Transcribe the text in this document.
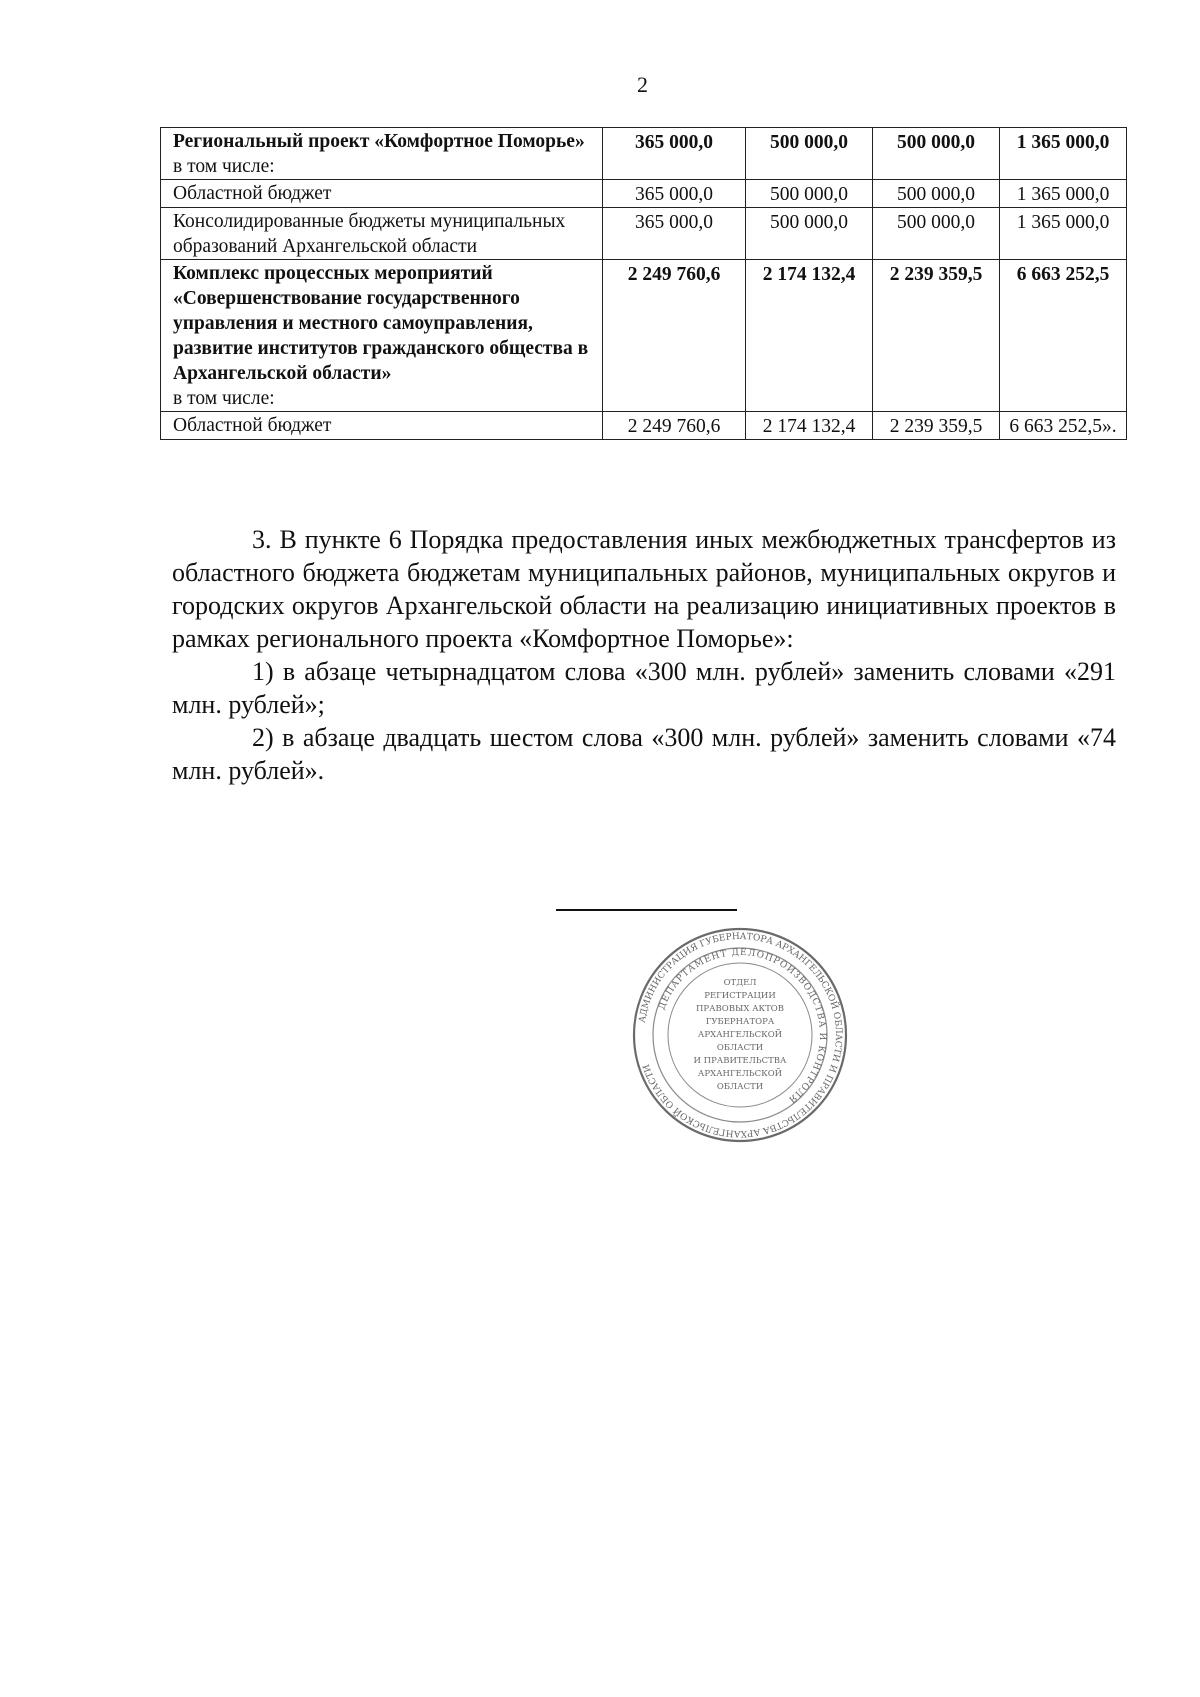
2
Региональный проект «Комфортное Поморье»
в том числе:	365 000,0	500 000,0	500 000,0	1 365 000,0

Областной бюджет	365 000,0	500 000,0	500 000,0	1 365 000,0

Консолидированные бюджеты муниципальных образований Архангельской области	365 000,0	500 000,0	500 000,0	1 365 000,0

Комплекс процессных мероприятий «Совершенствование государственного управления и местного самоуправления, развитие институтов гражданского общества в Архангельской области»
в том числе:	2 249 760,6	2 174 132,4	2 239 359,5	6 663 252,5

Областной бюджет	2 249 760,6	2 174 132,4	2 239 359,5	6 663 252,5».

3. В пункте 6 Порядка предоставления иных межбюджетных трансфертов из областного бюджета бюджетам муниципальных районов, муниципальных округов и городских округов Архангельской области на реализацию инициативных проектов в рамках регионального проекта «Комфортное Поморье»:

1) в абзаце четырнадцатом слова «300 млн. рублей» заменить словами «291 млн. рублей»;

2) в абзаце двадцать шестом слова «300 млн. рублей» заменить словами «74 млн. рублей».

АДМИНИСТРАЦИЯ ГУБЕРНАТОРА АРХАНГЕЛЬСКОЙ ОБЛАСТИ И ПРАВИТЕЛЬСТВА АРХАНГЕЛЬСКОЙ ОБЛАСТИ
ДЕПАРТАМЕНТ ДЕЛОПРОИЗВОДСТВА И КОНТРОЛЯ
ОТДЕЛ
РЕГИСТРАЦИИ
ПРАВОВЫХ АКТОВ
ГУБЕРНАТОРА
АРХАНГЕЛЬСКОЙ
ОБЛАСТИ
И ПРАВИТЕЛЬСТВА
АРХАНГЕЛЬСКОЙ
ОБЛАСТИ
